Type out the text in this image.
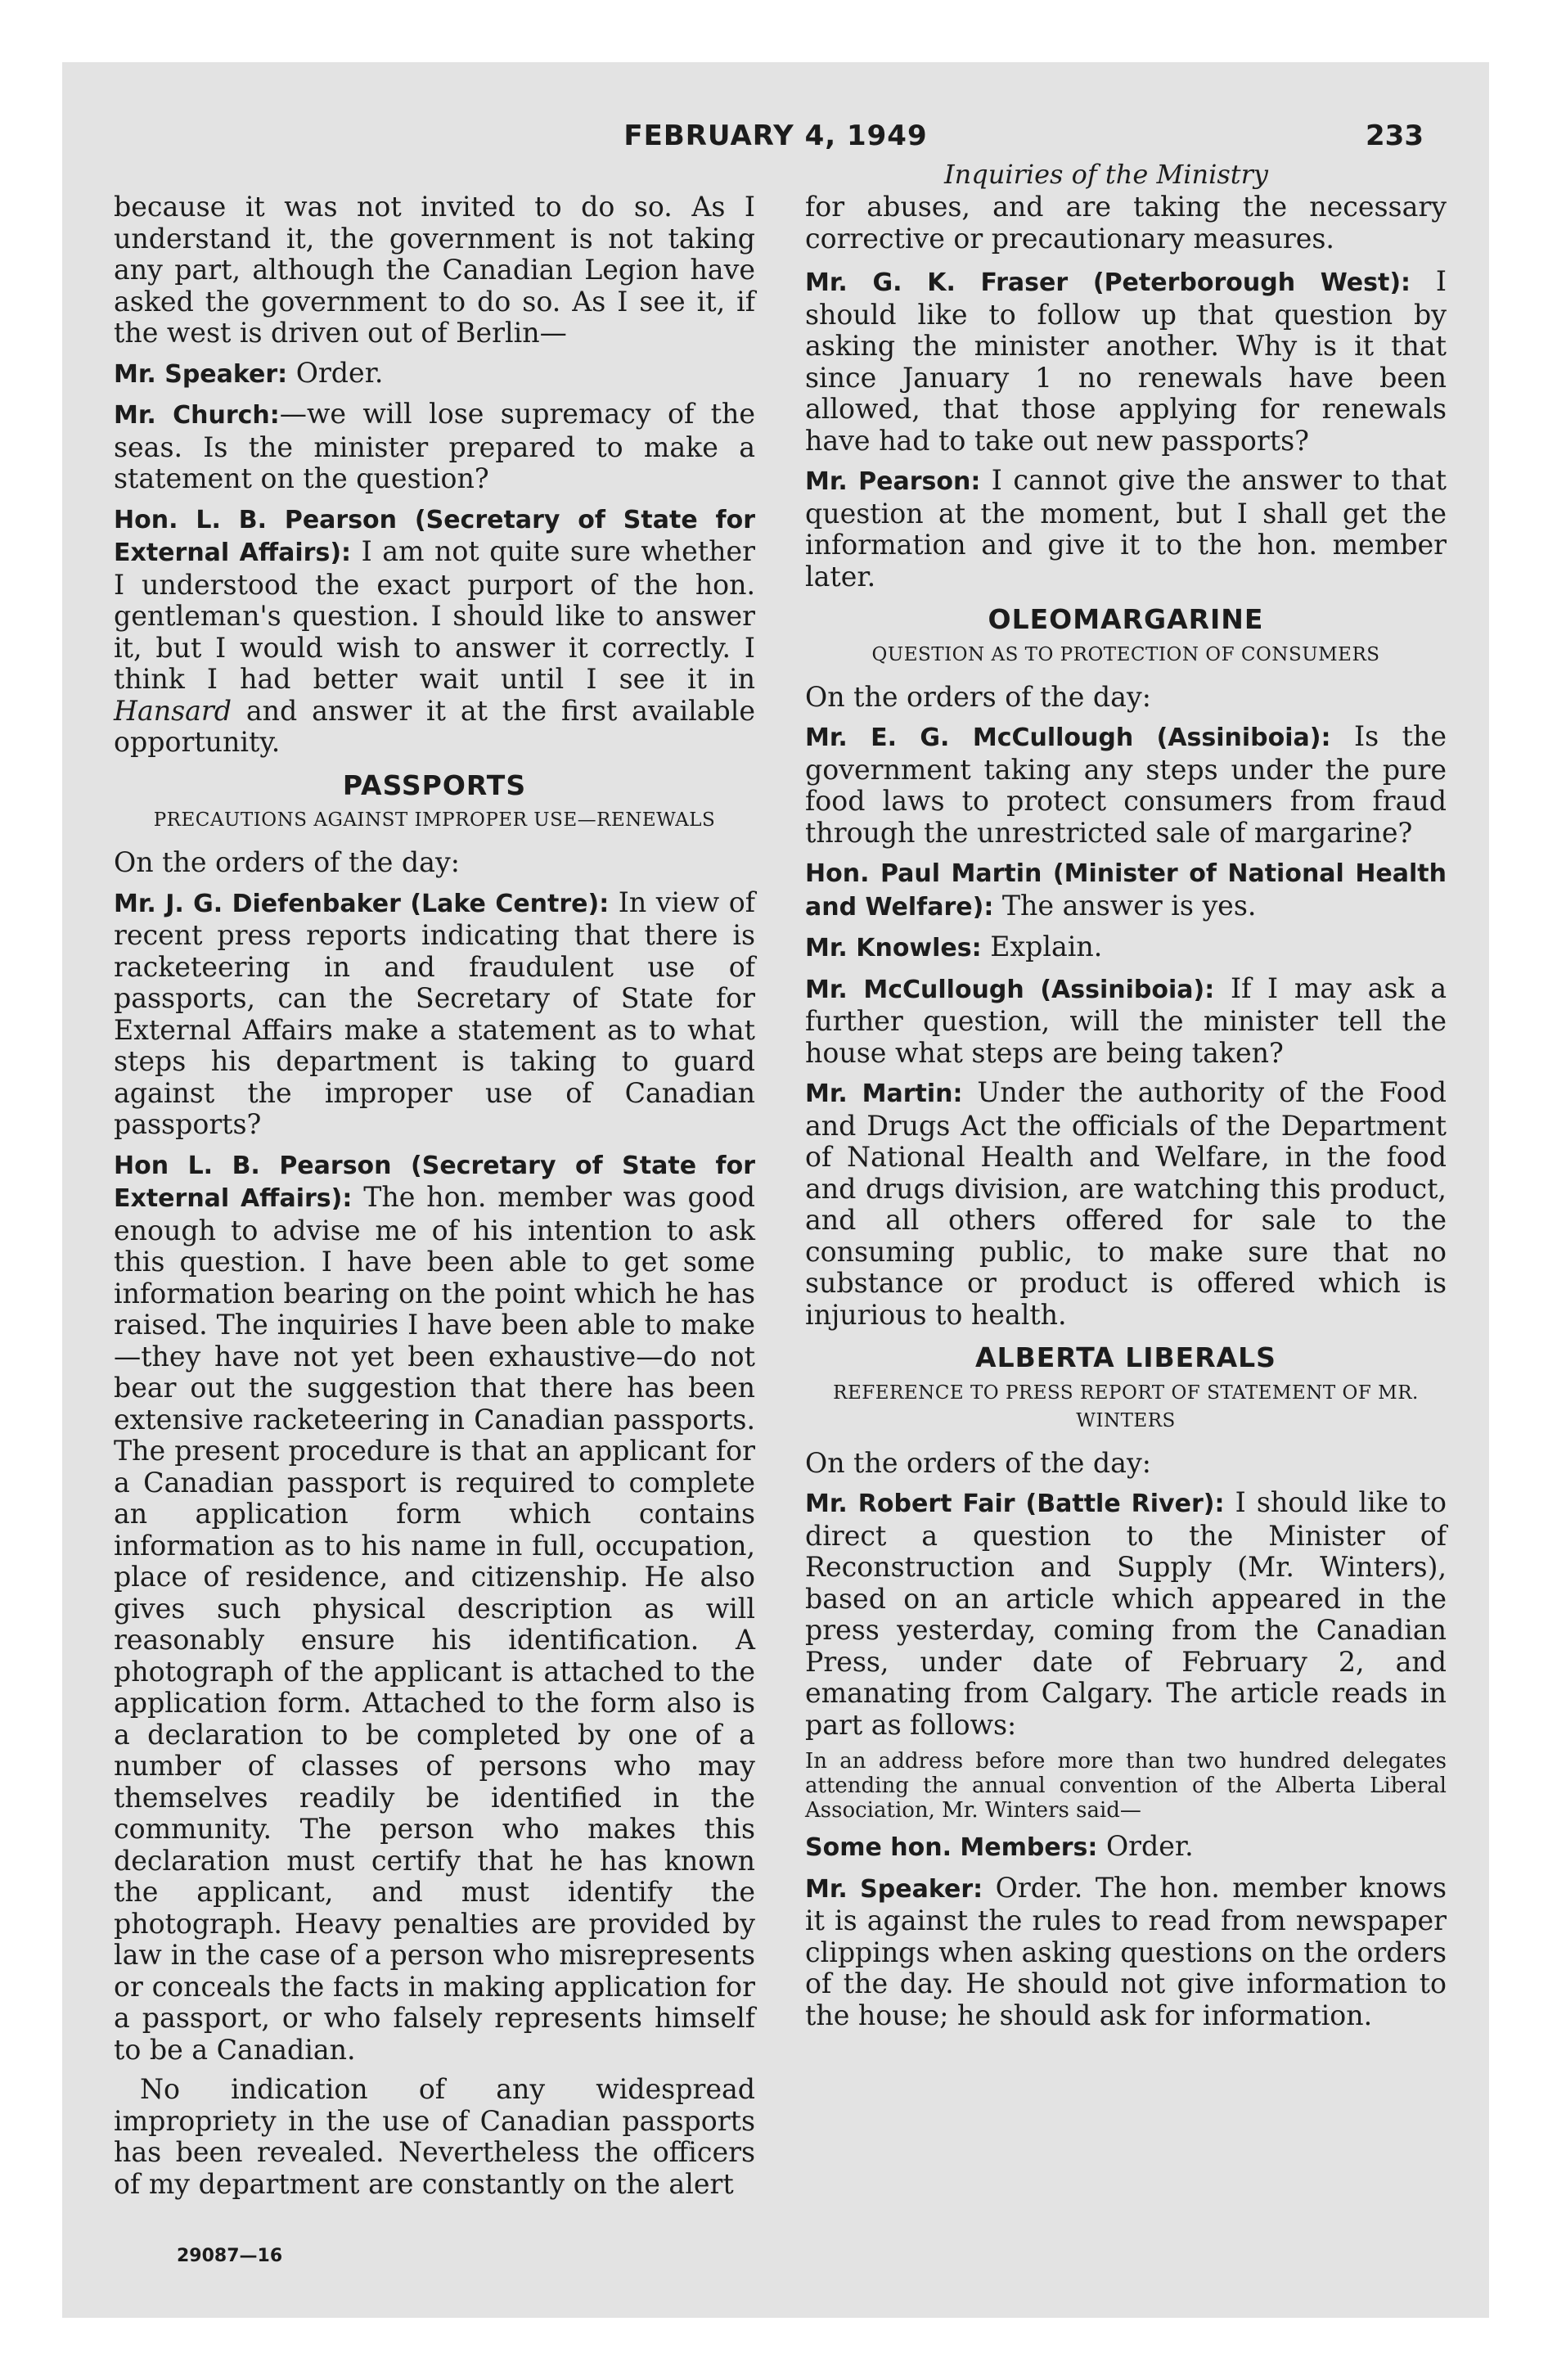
FEBRUARY 4, 1949	233
Inquiries of the Ministry

because it was not invited to do so. As I understand it, the government is not taking any part, although the Canadian Legion have asked the government to do so. As I see it, if the west is driven out of Berlin—

Mr. Speaker: Order.

Mr. Church:—we will lose supremacy of the seas. Is the minister prepared to make a statement on the question?

Hon. L. B. Pearson (Secretary of State for External Affairs): I am not quite sure whether I understood the exact purport of the hon. gentleman's question. I should like to answer it, but I would wish to answer it correctly. I think I had better wait until I see it in Hansard and answer it at the first available opportunity.

PASSPORTS
PRECAUTIONS AGAINST IMPROPER USE—RENEWALS

On the orders of the day:

Mr. J. G. Diefenbaker (Lake Centre): In view of recent press reports indicating that there is racketeering in and fraudulent use of passports, can the Secretary of State for External Affairs make a statement as to what steps his department is taking to guard against the improper use of Canadian passports?

Hon L. B. Pearson (Secretary of State for External Affairs): The hon. member was good enough to advise me of his intention to ask this question. I have been able to get some information bearing on the point which he has raised. The inquiries I have been able to make—they have not yet been exhaustive—do not bear out the suggestion that there has been extensive racketeering in Canadian passports. The present procedure is that an applicant for a Canadian passport is required to complete an application form which contains information as to his name in full, occupation, place of residence, and citizenship. He also gives such physical description as will reasonably ensure his identification. A photograph of the applicant is attached to the application form. Attached to the form also is a declaration to be completed by one of a number of classes of persons who may themselves readily be identified in the community. The person who makes this declaration must certify that he has known the applicant, and must identify the photograph. Heavy penalties are provided by law in the case of a person who misrepresents or conceals the facts in making application for a passport, or who falsely represents himself to be a Canadian.

No indication of any widespread impropriety in the use of Canadian passports has been revealed. Nevertheless the officers of my department are constantly on the alert

29087—16

for abuses, and are taking the necessary corrective or precautionary measures.

Mr. G. K. Fraser (Peterborough West): I should like to follow up that question by asking the minister another. Why is it that since January 1 no renewals have been allowed, that those applying for renewals have had to take out new passports?

Mr. Pearson: I cannot give the answer to that question at the moment, but I shall get the information and give it to the hon. member later.

OLEOMARGARINE
QUESTION AS TO PROTECTION OF CONSUMERS

On the orders of the day:

Mr. E. G. McCullough (Assiniboia): Is the government taking any steps under the pure food laws to protect consumers from fraud through the unrestricted sale of margarine?

Hon. Paul Martin (Minister of National Health and Welfare): The answer is yes.

Mr. Knowles: Explain.

Mr. McCullough (Assiniboia): If I may ask a further question, will the minister tell the house what steps are being taken?

Mr. Martin: Under the authority of the Food and Drugs Act the officials of the Department of National Health and Welfare, in the food and drugs division, are watching this product, and all others offered for sale to the consuming public, to make sure that no substance or product is offered which is injurious to health.

ALBERTA LIBERALS
REFERENCE TO PRESS REPORT OF STATEMENT OF MR. WINTERS

On the orders of the day:

Mr. Robert Fair (Battle River): I should like to direct a question to the Minister of Reconstruction and Supply (Mr. Winters), based on an article which appeared in the press yesterday, coming from the Canadian Press, under date of February 2, and emanating from Calgary. The article reads in part as follows:

In an address before more than two hundred delegates attending the annual convention of the Alberta Liberal Association, Mr. Winters said—

Some hon. Members: Order.

Mr. Speaker: Order. The hon. member knows it is against the rules to read from newspaper clippings when asking questions on the orders of the day. He should not give information to the house; he should ask for information.
